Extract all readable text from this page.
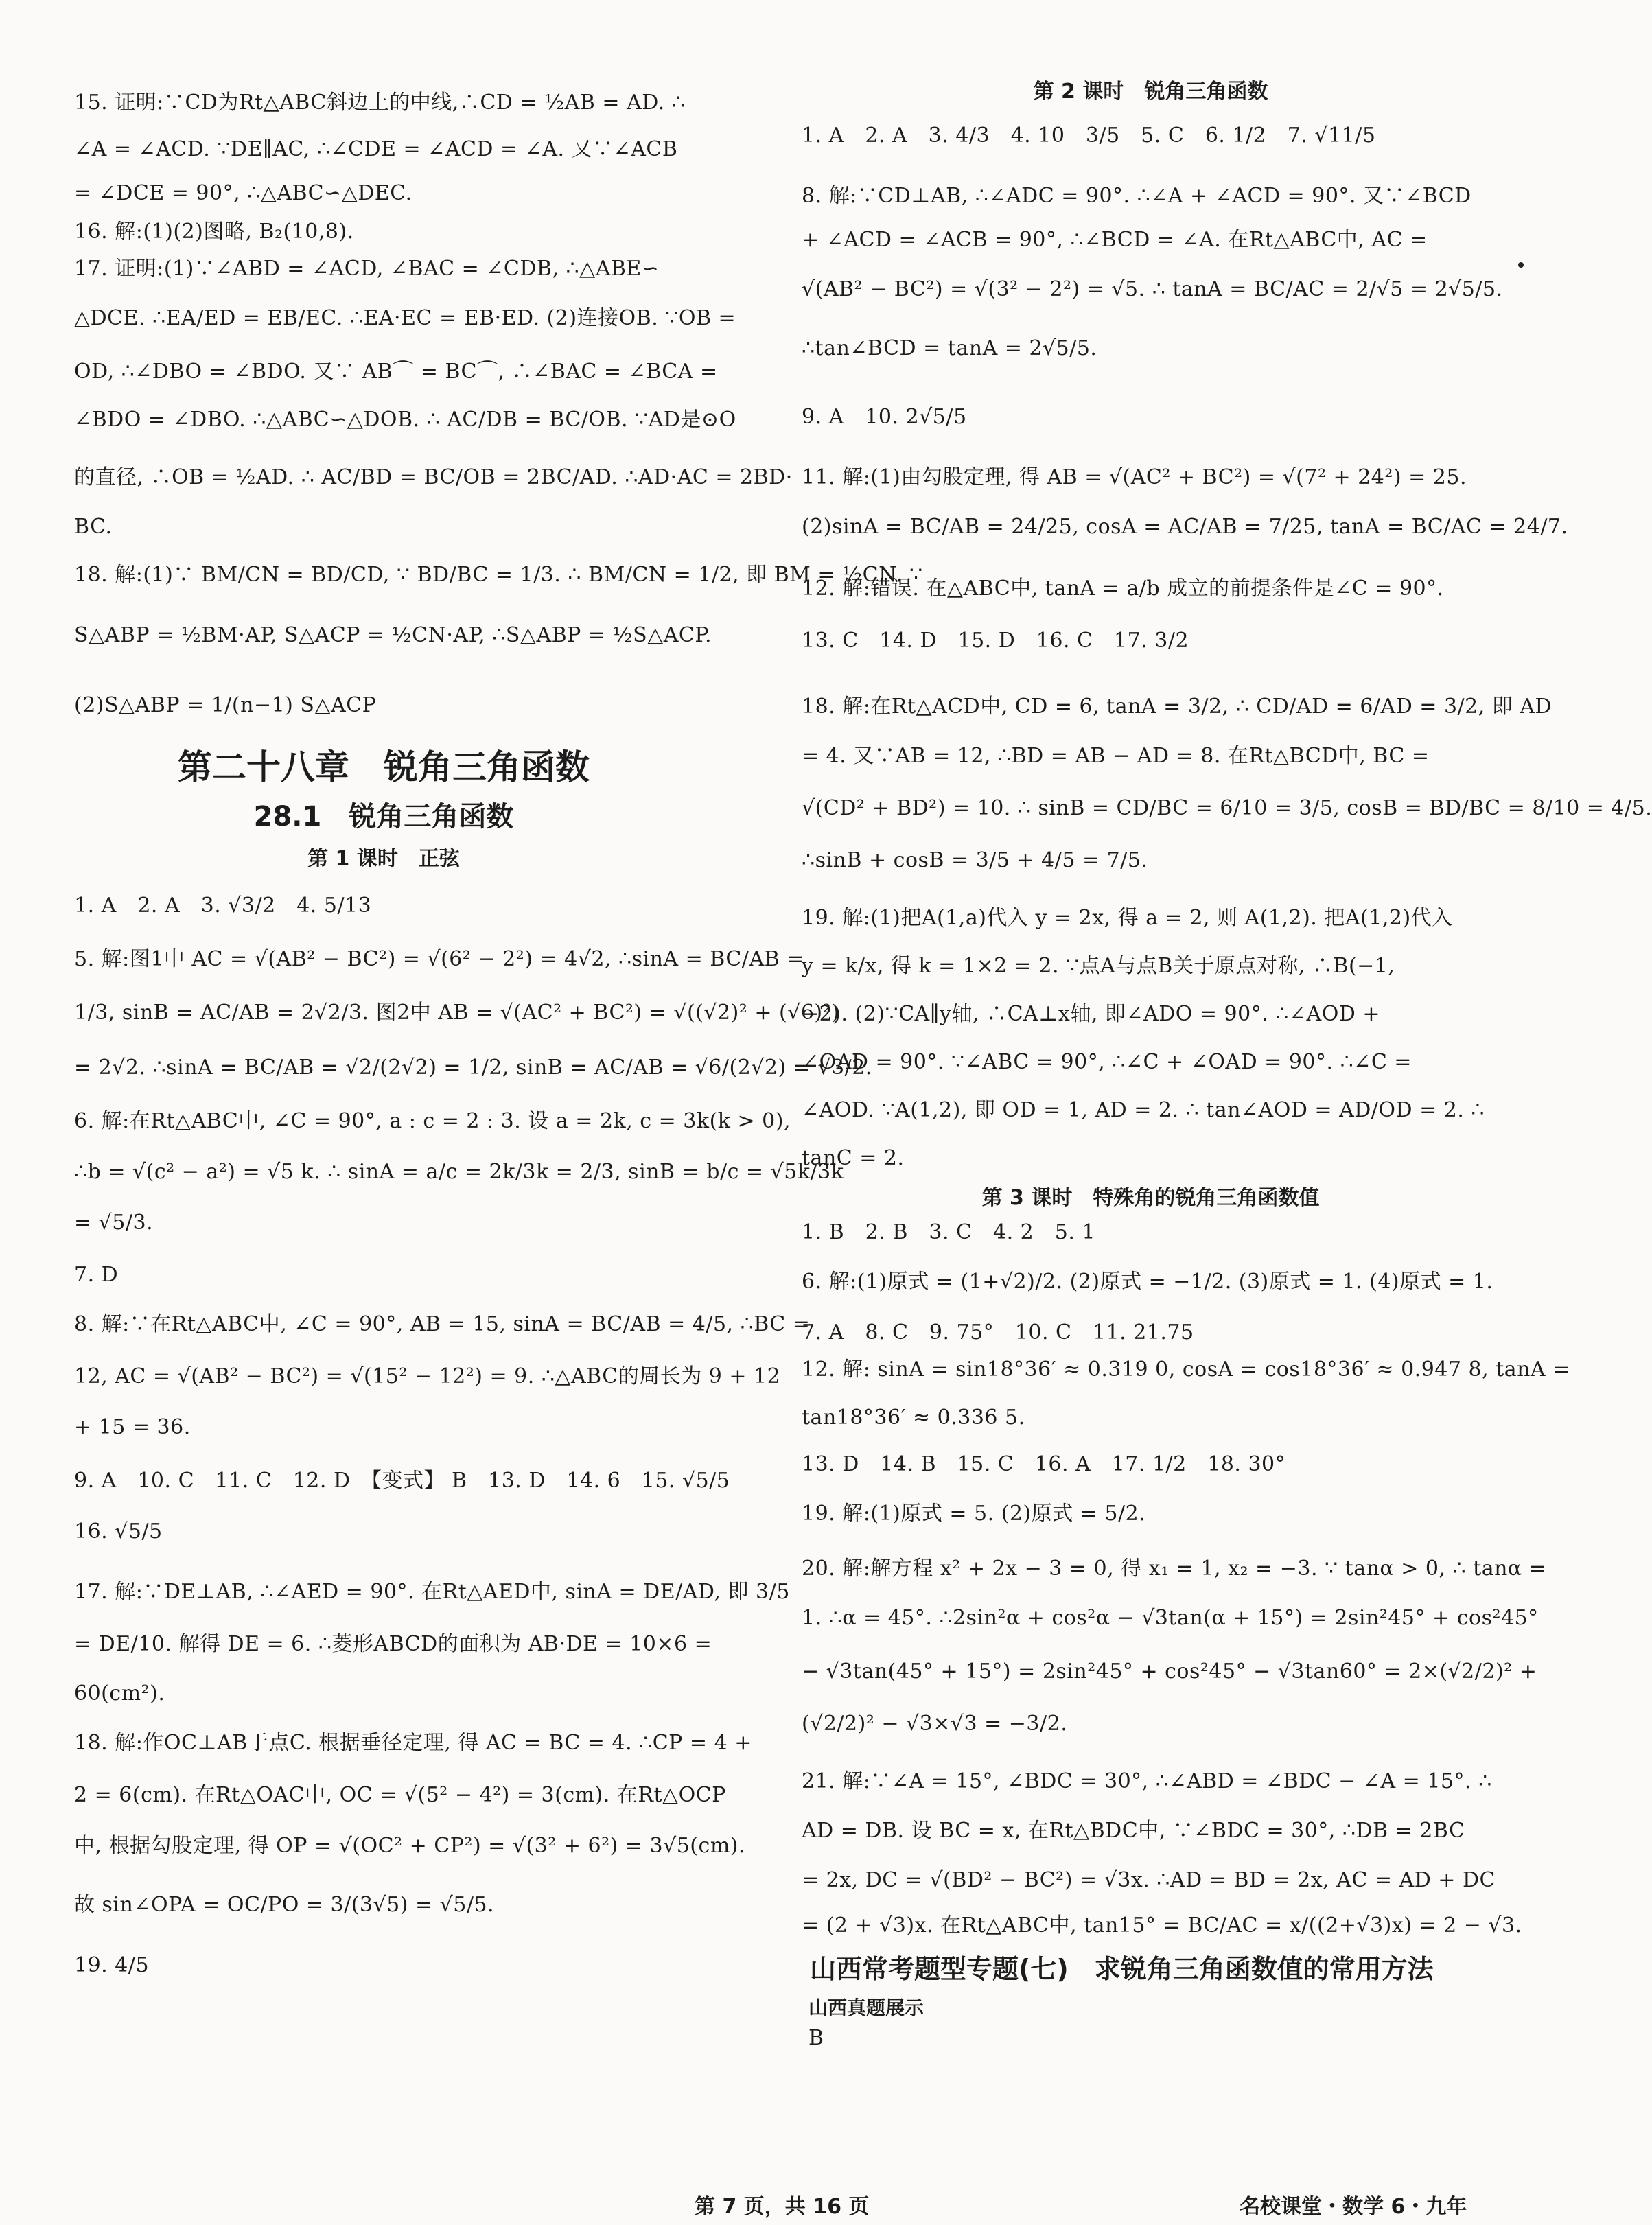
15. 证明:∵CD为Rt△ABC斜边上的中线,∴CD = ½AB = AD. ∴
∠A = ∠ACD. ∵DE∥AC, ∴∠CDE = ∠ACD = ∠A. 又∵∠ACB
= ∠DCE = 90°, ∴△ABC∽△DEC.
16. 解:(1)(2)图略, B₂(10,8).
17. 证明:(1)∵∠ABD = ∠ACD, ∠BAC = ∠CDB, ∴△ABE∽
△DCE. ∴EA/ED = EB/EC. ∴EA·EC = EB·ED. (2)连接OB. ∵OB =
OD, ∴∠DBO = ∠BDO. 又∵ AB⌒ = BC⌒, ∴∠BAC = ∠BCA =
∠BDO = ∠DBO. ∴△ABC∽△DOB. ∴ AC/DB = BC/OB. ∵AD是⊙O
的直径, ∴OB = ½AD. ∴ AC/BD = BC/OB = 2BC/AD. ∴AD·AC = 2BD·
BC.
18. 解:(1)∵ BM/CN = BD/CD, ∵ BD/BC = 1/3. ∴ BM/CN = 1/2, 即 BM = ½CN. ∵
S△ABP = ½BM·AP, S△ACP = ½CN·AP, ∴S△ABP = ½S△ACP.
(2)S△ABP = 1/(n−1) S△ACP
1. A　2. A　3. √3/2　4. 5/13
5. 解:图1中 AC = √(AB² − BC²) = √(6² − 2²) = 4√2, ∴sinA = BC/AB =
1/3, sinB = AC/AB = 2√2/3. 图2中 AB = √(AC² + BC²) = √((√2)² + (√6)²)
= 2√2. ∴sinA = BC/AB = √2/(2√2) = 1/2, sinB = AC/AB = √6/(2√2) = √3/2.
6. 解:在Rt△ABC中, ∠C = 90°, a : c = 2 : 3. 设 a = 2k, c = 3k(k > 0),
∴b = √(c² − a²) = √5 k. ∴ sinA = a/c = 2k/3k = 2/3, sinB = b/c = √5k/3k
= √5/3.
7. D
8. 解:∵在Rt△ABC中, ∠C = 90°, AB = 15, sinA = BC/AB = 4/5, ∴BC =
12, AC = √(AB² − BC²) = √(15² − 12²) = 9. ∴△ABC的周长为 9 + 12
+ 15 = 36.
9. A　10. C　11. C　12. D　【变式】 B　13. D　14. 6　15. √5/5
16. √5/5
17. 解:∵DE⊥AB, ∴∠AED = 90°. 在Rt△AED中, sinA = DE/AD, 即 3/5
= DE/10. 解得 DE = 6. ∴菱形ABCD的面积为 AB·DE = 10×6 =
60(cm²).
18. 解:作OC⊥AB于点C. 根据垂径定理, 得 AC = BC = 4. ∴CP = 4 +
2 = 6(cm). 在Rt△OAC中, OC = √(5² − 4²) = 3(cm). 在Rt△OCP
中, 根据勾股定理, 得 OP = √(OC² + CP²) = √(3² + 6²) = 3√5(cm).
故 sin∠OPA = OC/PO = 3/(3√5) = √5/5.
19. 4/5
1. A　2. A　3. 4/3　4. 10　3/5　5. C　6. 1/2　7. √11/5
8. 解:∵CD⊥AB, ∴∠ADC = 90°. ∴∠A + ∠ACD = 90°. 又∵∠BCD
+ ∠ACD = ∠ACB = 90°, ∴∠BCD = ∠A. 在Rt△ABC中, AC =
√(AB² − BC²) = √(3² − 2²) = √5. ∴ tanA = BC/AC = 2/√5 = 2√5/5.
∴tan∠BCD = tanA = 2√5/5.
9. A　10. 2√5/5
11. 解:(1)由勾股定理, 得 AB = √(AC² + BC²) = √(7² + 24²) = 25.
(2)sinA = BC/AB = 24/25, cosA = AC/AB = 7/25, tanA = BC/AC = 24/7.
12. 解:错误. 在△ABC中, tanA = a/b 成立的前提条件是∠C = 90°.
13. C　14. D　15. D　16. C　17. 3/2
18. 解:在Rt△ACD中, CD = 6, tanA = 3/2, ∴ CD/AD = 6/AD = 3/2, 即 AD
= 4. 又∵AB = 12, ∴BD = AB − AD = 8. 在Rt△BCD中, BC =
√(CD² + BD²) = 10. ∴ sinB = CD/BC = 6/10 = 3/5, cosB = BD/BC = 8/10 = 4/5.
∴sinB + cosB = 3/5 + 4/5 = 7/5.
19. 解:(1)把A(1,a)代入 y = 2x, 得 a = 2, 则 A(1,2). 把A(1,2)代入
y = k/x, 得 k = 1×2 = 2. ∵点A与点B关于原点对称, ∴B(−1,
−2). (2)∵CA∥y轴, ∴CA⊥x轴, 即∠ADO = 90°. ∴∠AOD +
∠OAD = 90°. ∵∠ABC = 90°, ∴∠C + ∠OAD = 90°. ∴∠C =
∠AOD. ∵A(1,2), 即 OD = 1, AD = 2. ∴ tan∠AOD = AD/OD = 2. ∴
tanC = 2.
1. B　2. B　3. C　4. 2　5. 1
6. 解:(1)原式 = (1+√2)/2. (2)原式 = −1/2. (3)原式 = 1. (4)原式 = 1.
7. A　8. C　9. 75°　10. C　11. 21.75
12. 解: sinA = sin18°36′ ≈ 0.319 0, cosA = cos18°36′ ≈ 0.947 8, tanA =
tan18°36′ ≈ 0.336 5.
13. D　14. B　15. C　16. A　17. 1/2　18. 30°
19. 解:(1)原式 = 5. (2)原式 = 5/2.
20. 解:解方程 x² + 2x − 3 = 0, 得 x₁ = 1, x₂ = −3. ∵ tanα > 0, ∴ tanα =
1. ∴α = 45°. ∴2sin²α + cos²α − √3tan(α + 15°) = 2sin²45° + cos²45°
− √3tan(45° + 15°) = 2sin²45° + cos²45° − √3tan60° = 2×(√2/2)² +
(√2/2)² − √3×√3 = −3/2.
21. 解:∵∠A = 15°, ∠BDC = 30°, ∴∠ABD = ∠BDC − ∠A = 15°. ∴
AD = DB. 设 BC = x, 在Rt△BDC中, ∵∠BDC = 30°, ∴DB = 2BC
= 2x, DC = √(BD² − BC²) = √3x. ∴AD = BD = 2x, AC = AD + DC
= (2 + √3)x. 在Rt△ABC中, tan15° = BC/AC = x/((2+√3)x) = 2 − √3.
第二十八章　锐角三角函数
28.1　锐角三角函数
第 1 课时　正弦
第 2 课时　锐角三角函数
第 3 课时　特殊角的锐角三角函数值
山西常考题型专题(七)　求锐角三角函数值的常用方法
山西真题展示
B
第 7 页，共 16 页	名校课堂・数学 6・九年
